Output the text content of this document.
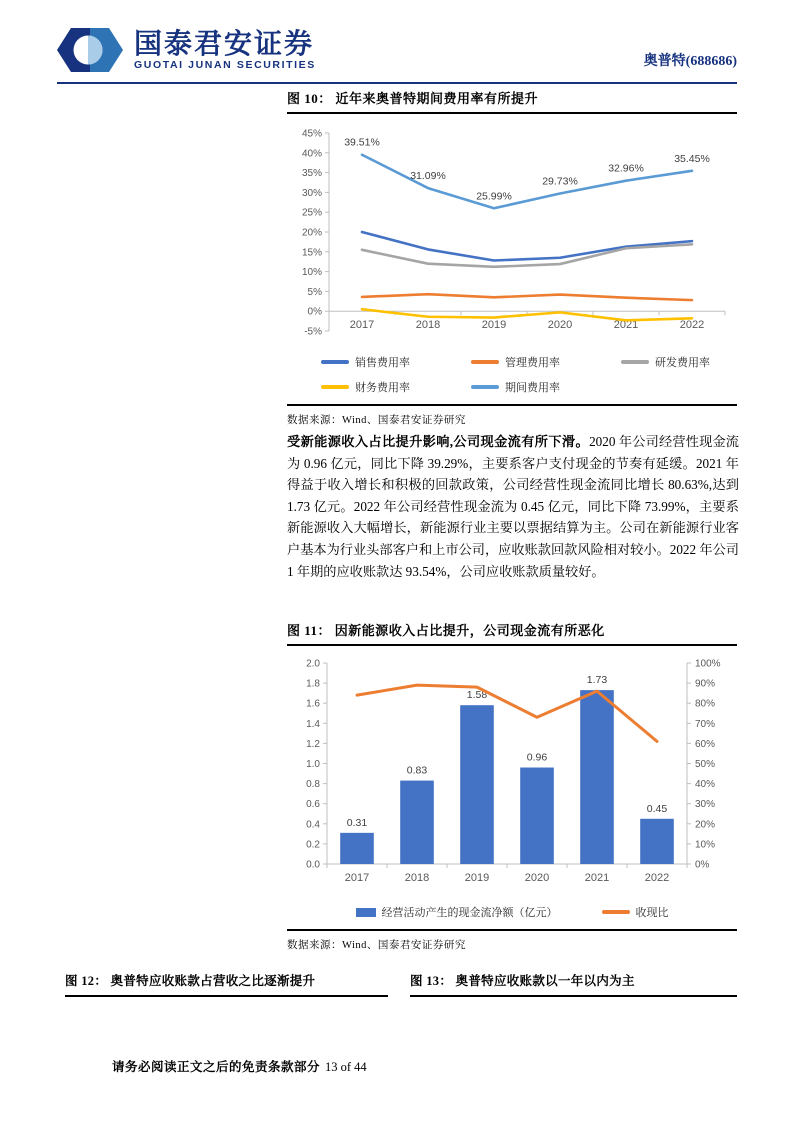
国泰君安证券
GUOTAI JUNAN SECURITIES	奥普特(688686)
图 10： 近年来奥普特期间费用率有所提升
45%
40%
35%
30%
25%
20%
15%
10%
5%
0%
-5%
2017	2018	2019	2020	2021	2022
39.51%
31.09%
25.99%
29.73%
32.96%
35.45%
销售费用率	管理费用率	研发费用率
财务费用率	期间费用率
数据来源：Wind、国泰君安证券研究

受新能源收入占比提升影响,公司现金流有所下滑。2020 年公司经营性现金流为 0.96 亿元，同比下降 39.29%，主要系客户支付现金的节奏有延缓。2021 年得益于收入增长和积极的回款政策，公司经营性现金流同比增长 80.63%,达到 1.73 亿元。2022 年公司经营性现金流为 0.45 亿元，同比下降 73.99%，主要系新能源收入大幅增长，新能源行业主要以票据结算为主。公司在新能源行业客户基本为行业头部客户和上市公司，应收账款回款风险相对较小。2022 年公司 1 年期的应收账款达 93.54%，公司应收账款质量较好。

图 11： 因新能源收入占比提升，公司现金流有所恶化
0.0	0%
0.2	10%
0.4	20%
0.6	30%
0.8	40%
1.0	50%
1.2	60%
1.4	70%
1.6	80%
1.8	90%
2.0	100%
2017	2018	2019	2020	2021	2022
0.31
0.83
1.58
0.96
1.73
0.45
经营活动产生的现金流净额（亿元）	收现比
数据来源：Wind、国泰君安证券研究
图 12： 奥普特应收账款占营收之比逐渐提升	图 13： 奥普特应收账款以一年以内为主
请务必阅读正文之后的免责条款部分 13 of 44
